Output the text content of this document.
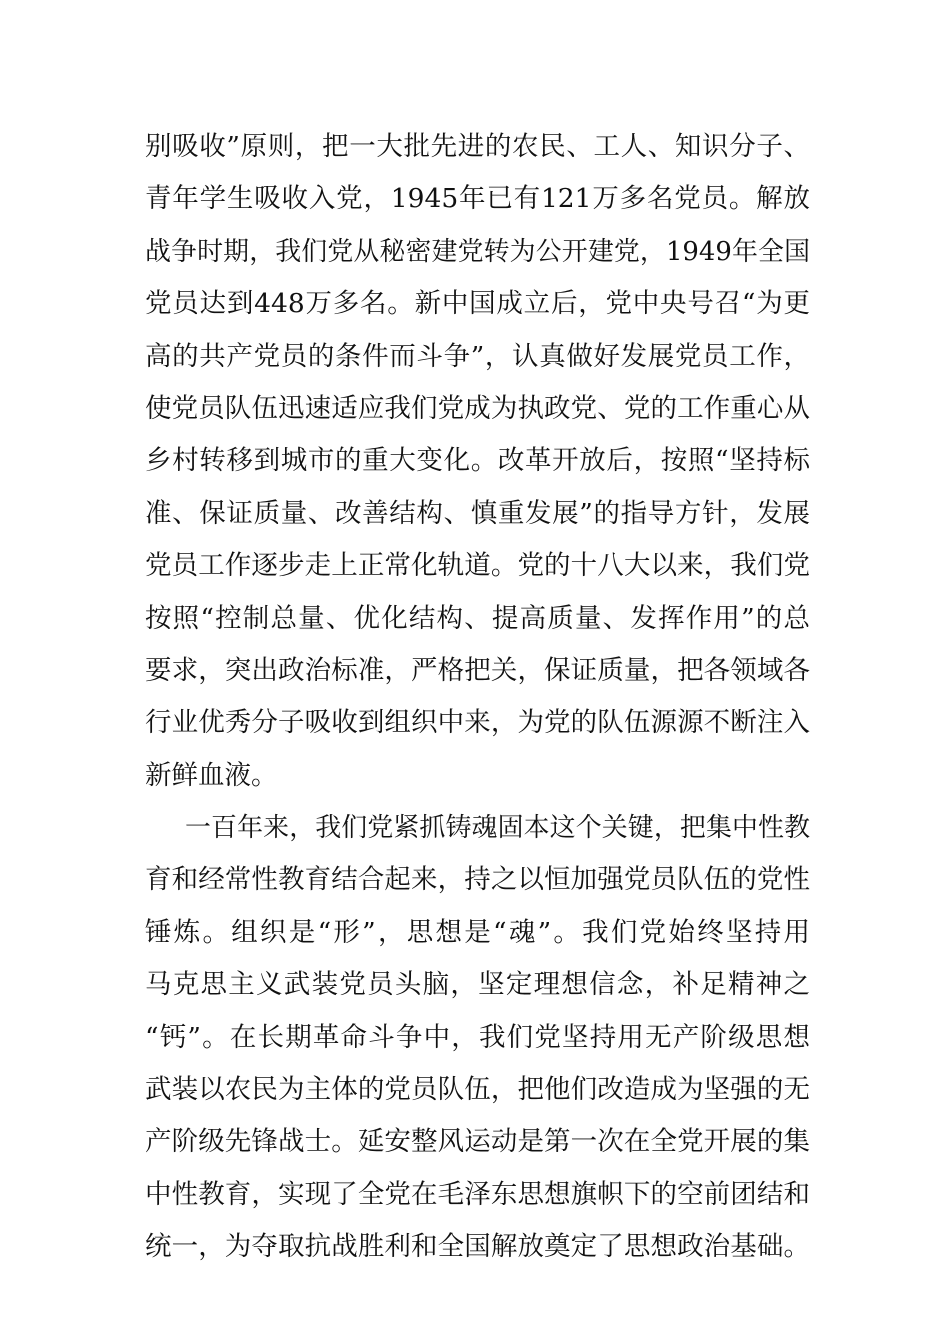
别吸收”原则，把一大批先进的农民、工人、知识分子、
青年学生吸收入党，1945年已有121万多名党员。解放
战争时期，我们党从秘密建党转为公开建党，1949年全国
党员达到448万多名。新中国成立后，党中央号召“为更
高的共产党员的条件而斗争”，认真做好发展党员工作，
使党员队伍迅速适应我们党成为执政党、党的工作重心从
乡村转移到城市的重大变化。改革开放后，按照“坚持标
准、保证质量、改善结构、慎重发展”的指导方针，发展
党员工作逐步走上正常化轨道。党的十八大以来，我们党
按照“控制总量、优化结构、提高质量、发挥作用”的总
要求，突出政治标准，严格把关，保证质量，把各领域各
行业优秀分子吸收到组织中来，为党的队伍源源不断注入
新鲜血液。
一百年来，我们党紧抓铸魂固本这个关键，把集中性教
育和经常性教育结合起来，持之以恒加强党员队伍的党性
锤炼。组织是“形”，思想是“魂”。我们党始终坚持用
马克思主义武装党员头脑，坚定理想信念，补足精神之
“钙”。在长期革命斗争中，我们党坚持用无产阶级思想
武装以农民为主体的党员队伍，把他们改造成为坚强的无
产阶级先锋战士。延安整风运动是第一次在全党开展的集
中性教育，实现了全党在毛泽东思想旗帜下的空前团结和
统一，为夺取抗战胜利和全国解放奠定了思想政治基础。
